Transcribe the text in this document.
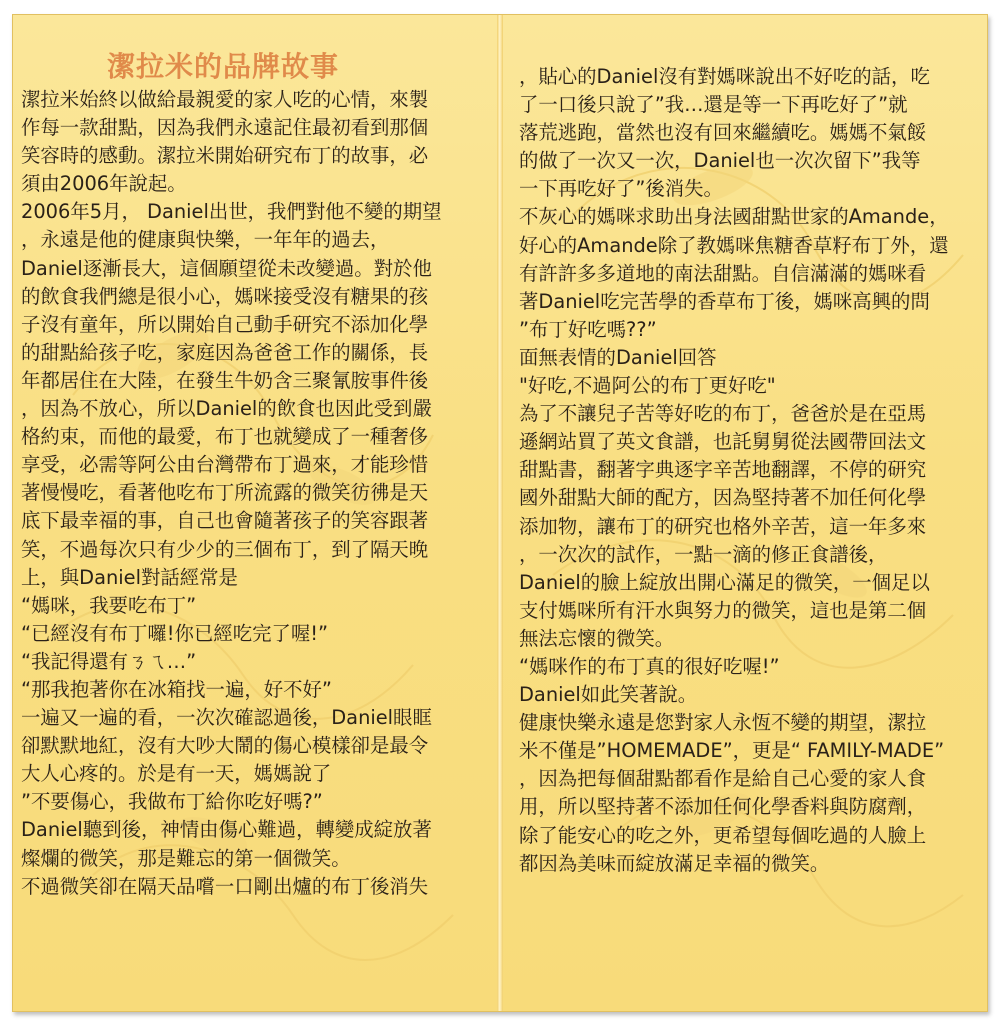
潔拉米的品牌故事
潔拉米始終以做給最親愛的家人吃的心情，來製
作每一款甜點，因為我們永遠記住最初看到那個
笑容時的感動。潔拉米開始研究布丁的故事，必
須由2006年說起。
2006年5月， Daniel出世，我們對他不變的期望
，永遠是他的健康與快樂，一年年的過去，
Daniel逐漸長大，這個願望從未改變過。對於他
的飲食我們總是很小心，媽咪接受沒有糖果的孩
子沒有童年，所以開始自己動手研究不添加化學
的甜點給孩子吃，家庭因為爸爸工作的關係，長
年都居住在大陸，在發生牛奶含三聚氰胺事件後
，因為不放心，所以Daniel的飲食也因此受到嚴
格約束，而他的最愛，布丁也就變成了一種奢侈
享受，必需等阿公由台灣帶布丁過來，才能珍惜
著慢慢吃，看著他吃布丁所流露的微笑彷彿是天
底下最幸福的事，自己也會隨著孩子的笑容跟著
笑，不過每次只有少少的三個布丁，到了隔天晚
上，與Daniel對話經常是
“媽咪，我要吃布丁”
“已經沒有布丁囉!你已經吃完了喔!”
“我記得還有ㄋㄟ…”
“那我抱著你在冰箱找一遍，好不好”
一遍又一遍的看，一次次確認過後，Daniel眼眶
卻默默地紅，沒有大吵大鬧的傷心模樣卻是最令
大人心疼的。於是有一天，媽媽說了
”不要傷心，我做布丁給你吃好嗎?”
Daniel聽到後，神情由傷心難過，轉變成綻放著
燦爛的微笑，那是難忘的第一個微笑。
不過微笑卻在隔天品嚐一口剛出爐的布丁後消失
，貼心的Daniel沒有對媽咪說出不好吃的話，吃
了一口後只說了”我…還是等一下再吃好了”就
落荒逃跑，當然也沒有回來繼續吃。媽媽不氣餒
的做了一次又一次，Daniel也一次次留下”我等
一下再吃好了”後消失。
不灰心的媽咪求助出身法國甜點世家的Amande，
好心的Amande除了教媽咪焦糖香草籽布丁外，還
有許許多多道地的南法甜點。自信滿滿的媽咪看
著Daniel吃完苦學的香草布丁後，媽咪高興的問
”布丁好吃嗎??”
面無表情的Daniel回答
"好吃,不過阿公的布丁更好吃"
為了不讓兒子苦等好吃的布丁，爸爸於是在亞馬
遜網站買了英文食譜，也託舅舅從法國帶回法文
甜點書，翻著字典逐字辛苦地翻譯，不停的研究
國外甜點大師的配方，因為堅持著不加任何化學
添加物，讓布丁的研究也格外辛苦，這一年多來
，一次次的試作，一點一滴的修正食譜後，
Daniel的臉上綻放出開心滿足的微笑，一個足以
支付媽咪所有汗水與努力的微笑，這也是第二個
無法忘懷的微笑。
“媽咪作的布丁真的很好吃喔!”
Daniel如此笑著說。
健康快樂永遠是您對家人永恆不變的期望，潔拉
米不僅是”HOMEMADE”，更是“ FAMILY-MADE”
，因為把每個甜點都看作是給自己心愛的家人食
用，所以堅持著不添加任何化學香料與防腐劑，
除了能安心的吃之外，更希望每個吃過的人臉上
都因為美味而綻放滿足幸福的微笑。
